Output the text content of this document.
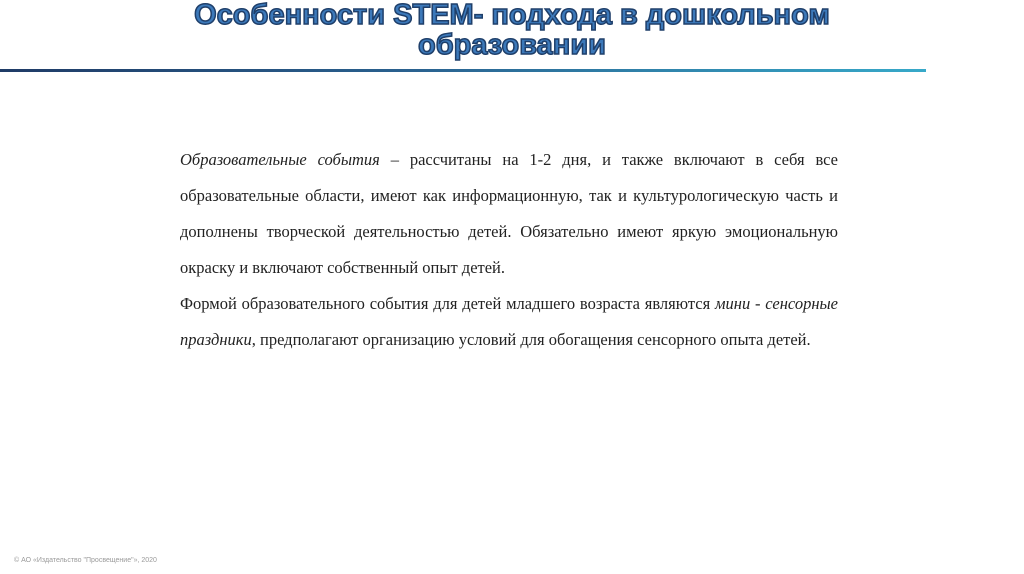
Особенности STEM- подхода в дошкольном
образовании

Образовательные события – рассчитаны на 1-2 дня, и также включают в себя все образовательные области, имеют как информационную, так и культурологическую часть и дополнены творческой деятельностью детей. Обязательно имеют яркую эмоциональную окраску и включают собственный опыт детей.

Формой образовательного события для детей младшего возраста являются мини - сенсорные праздники, предполагают организацию условий для обогащения сенсорного опыта детей.

© АО «Издательство "Просвещение"», 2020
